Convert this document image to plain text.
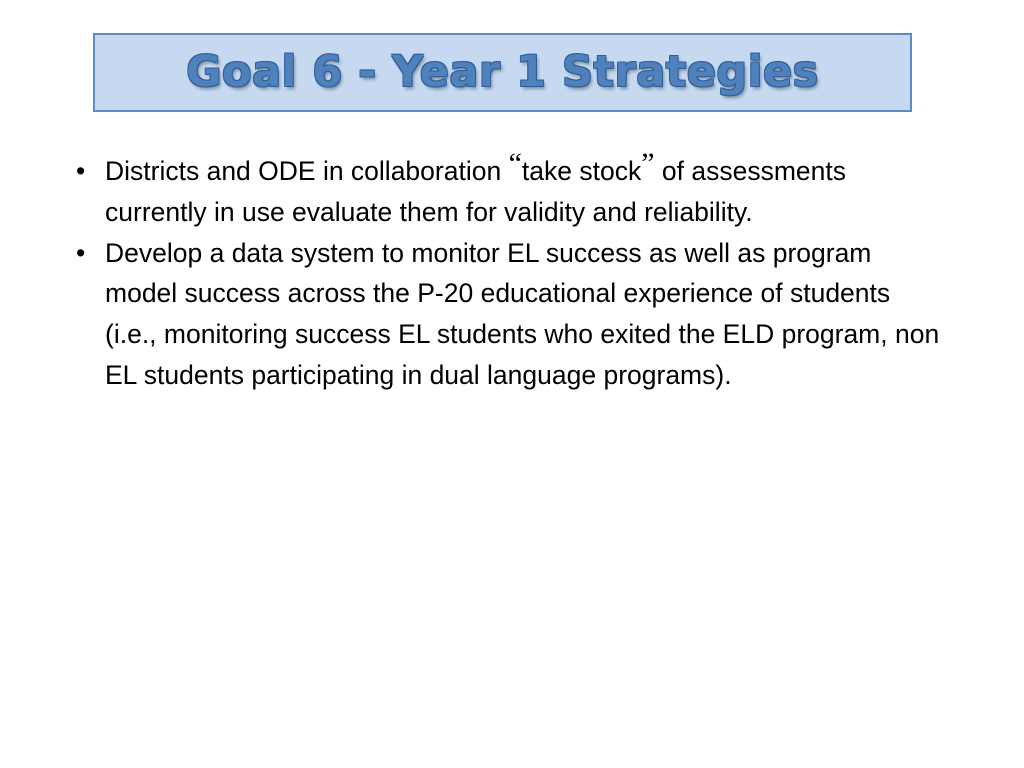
Goal 6 - Year 1 Strategies
• Districts and ODE in collaboration “take stock” of assessments currently in use evaluate them for validity and reliability.
• Develop a data system to monitor EL success as well as program model success across the P-20 educational experience of students (i.e., monitoring success EL students who exited the ELD program, non EL students participating in dual language programs).
